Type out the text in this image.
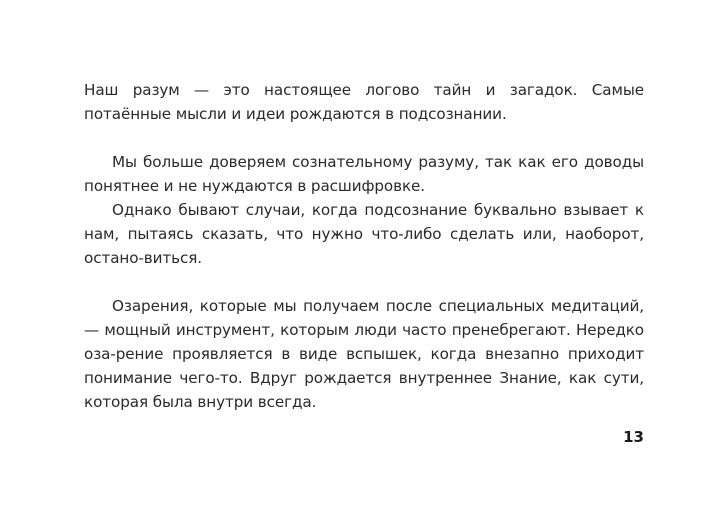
Наш разум — это настоящее логово тайн и загадок. Самые потаённые мысли и идеи рождаются в подсознании.

Мы больше доверяем сознательному разуму, так как его доводы понятнее и не нуждаются в расшифровке.

Однако бывают случаи, когда подсознание буквально взывает к нам, пытаясь сказать, что нужно что-либо сделать или, наоборот, остано-виться.

Озарения, которые мы получаем после специальных медитаций, — мощный инструмент, которым люди часто пренебрегают. Нередко оза-рение проявляется в виде вспышек, когда внезапно приходит понимание чего-то. Вдруг рождается внутреннее Знание, как сути, которая была внутри всегда.

13
